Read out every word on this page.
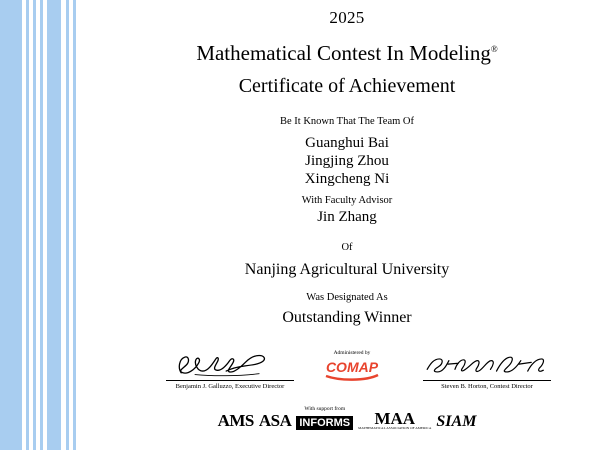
2025
Mathematical Contest In Modeling®
Certificate of Achievement
Be It Known That The Team Of
Guanghui Bai
Jingjing Zhou
Xingcheng Ni
With Faculty Advisor
Jin Zhang
Of
Nanjing Agricultural University
Was Designated As
Outstanding Winner
Benjamin J. Galluzzo, Executive Director
Administered by
COMAP
Steven B. Horton, Contest Director
AMS ASA
With support from
INFORMS	MAA
MATHEMATICAL ASSOCIATION OF AMERICA SIAM
